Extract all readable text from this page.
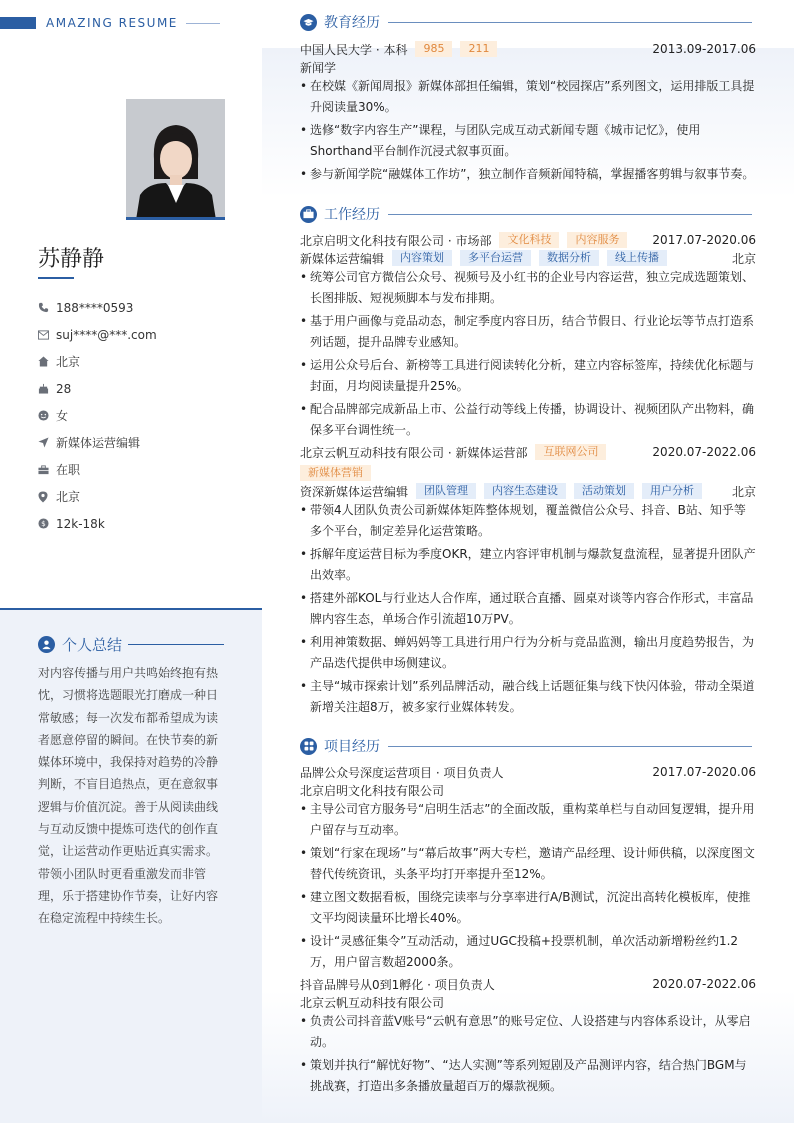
AMAZING RESUME
苏静静
188****0593
suj****@***.com
北京
28
女
新媒体运营编辑
在职
北京
$ 12k-18k
个人总结
对内容传播与用户共鸣始终抱有热忱，习惯将选题眼光打磨成一种日常敏感；每一次发布都希望成为读者愿意停留的瞬间。在快节奏的新媒体环境中，我保持对趋势的冷静判断，不盲目追热点，更在意叙事逻辑与价值沉淀。善于从阅读曲线与互动反馈中提炼可迭代的创作直觉，让运营动作更贴近真实需求。带领小团队时更看重激发而非管理，乐于搭建协作节奏，让好内容在稳定流程中持续生长。
教育经历
中国人民大学 · 本科	985	211	2013.09-2017.06
新闻学
• 在校媒《新闻周报》新媒体部担任编辑，策划“校园探店”系列图文，运用排版工具提升阅读量30%。
• 选修“数字内容生产”课程，与团队完成互动式新闻专题《城市记忆》，使用Shorthand平台制作沉浸式叙事页面。
• 参与新闻学院“融媒体工作坊”，独立制作音频新闻特稿，掌握播客剪辑与叙事节奏。
工作经历
北京启明文化科技有限公司 · 市场部	文化科技	内容服务	2017.07-2020.06
新媒体运营编辑	内容策划	多平台运营	数据分析	线上传播	北京
• 统筹公司官方微信公众号、视频号及小红书的企业号内容运营，独立完成选题策划、长图排版、短视频脚本与发布排期。
• 基于用户画像与竞品动态，制定季度内容日历，结合节假日、行业论坛等节点打造系列话题，提升品牌专业感知。
• 运用公众号后台、新榜等工具进行阅读转化分析，建立内容标签库，持续优化标题与封面，月均阅读量提升25%。
• 配合品牌部完成新品上市、公益行动等线上传播，协调设计、视频团队产出物料，确保多平台调性统一。
北京云帆互动科技有限公司 · 新媒体运营部	互联网公司	2020.07-2022.06
新媒体营销
资深新媒体运营编辑	团队管理	内容生态建设	活动策划	用户分析	北京
• 带领4人团队负责公司新媒体矩阵整体规划，覆盖微信公众号、抖音、B站、知乎等多个平台，制定差异化运营策略。
• 拆解年度运营目标为季度OKR，建立内容评审机制与爆款复盘流程，显著提升团队产出效率。
• 搭建外部KOL与行业达人合作库，通过联合直播、圆桌对谈等内容合作形式，丰富品牌内容生态，单场合作引流超10万PV。
• 利用神策数据、蝉妈妈等工具进行用户行为分析与竞品监测，输出月度趋势报告，为产品迭代提供申场侧建议。
• 主导“城市探索计划”系列品牌活动，融合线上话题征集与线下快闪体验，带动全渠道新增关注超8万，被多家行业媒体转发。
项目经历
品牌公众号深度运营项目 · 项目负责人	2017.07-2020.06
北京启明文化科技有限公司
• 主导公司官方服务号“启明生活志”的全面改版，重构菜单栏与自动回复逻辑，提升用户留存与互动率。
• 策划“行家在现场”与“幕后故事”两大专栏，邀请产品经理、设计师供稿，以深度图文替代传统资讯，头条平均打开率提升至12%。
• 建立图文数据看板，围绕完读率与分享率进行A/B测试，沉淀出高转化模板库，使推文平均阅读量环比增长40%。
• 设计“灵感征集令”互动活动，通过UGC投稿+投票机制，单次活动新增粉丝约1.2万，用户留言数超2000条。
抖音品牌号从0到1孵化 · 项目负责人	2020.07-2022.06
北京云帆互动科技有限公司
• 负责公司抖音蓝V账号“云帆有意思”的账号定位、人设搭建与内容体系设计，从零启动。
• 策划并执行“解忧好物”、“达人实测”等系列短剧及产品测评内容，结合热门BGM与挑战赛，打造出多条播放量超百万的爆款视频。
